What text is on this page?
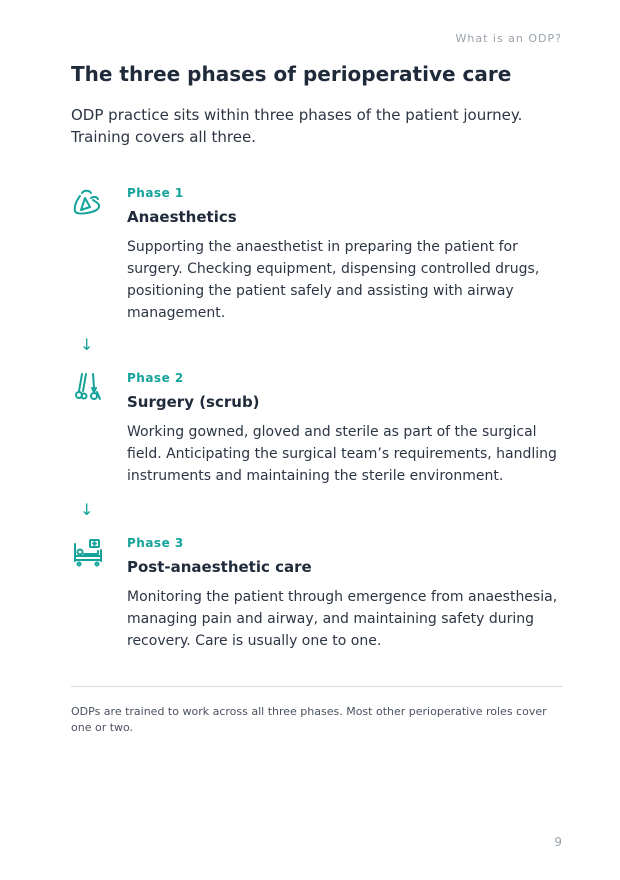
What is an ODP?
The three phases of perioperative care

ODP practice sits within three phases of the patient journey. Training covers all three.

Phase 1
Anaesthetics

Supporting the anaesthetist in preparing the patient for surgery. Checking equipment, dispensing controlled drugs, positioning the patient safely and assisting with airway management.

↓
Phase 2
Surgery (scrub)

Working gowned, gloved and sterile as part of the surgical field. Anticipating the surgical team’s requirements, handling instruments and maintaining the sterile environment.

↓
Phase 3
Post-anaesthetic care

Monitoring the patient through emergence from anaesthesia, managing pain and airway, and maintaining safety during recovery. Care is usually one to one.

ODPs are trained to work across all three phases. Most other perioperative roles cover one or two.

9
